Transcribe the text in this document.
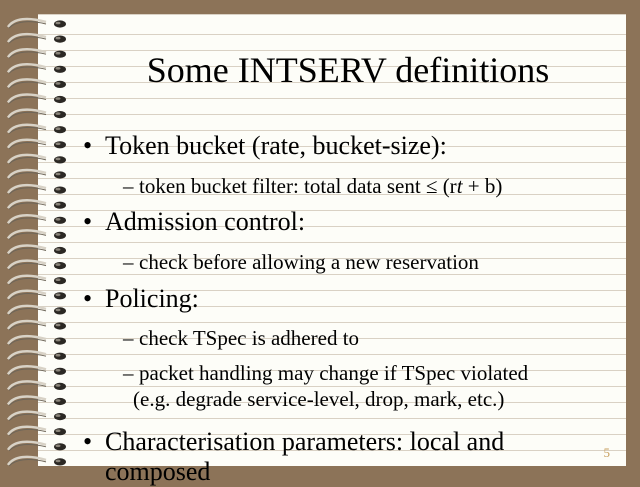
Some INTSERV definitions
• Token bucket (rate, bucket-size):
– token bucket filter: total data sent ≤ (rt + b)
• Admission control:
– check before allowing a new reservation
• Policing:
– check TSpec is adhered to
– packet handling may change if TSpec violated
(e.g. degrade service-level, drop, mark, etc.)
• Characterisation parameters: local and
composed
5
